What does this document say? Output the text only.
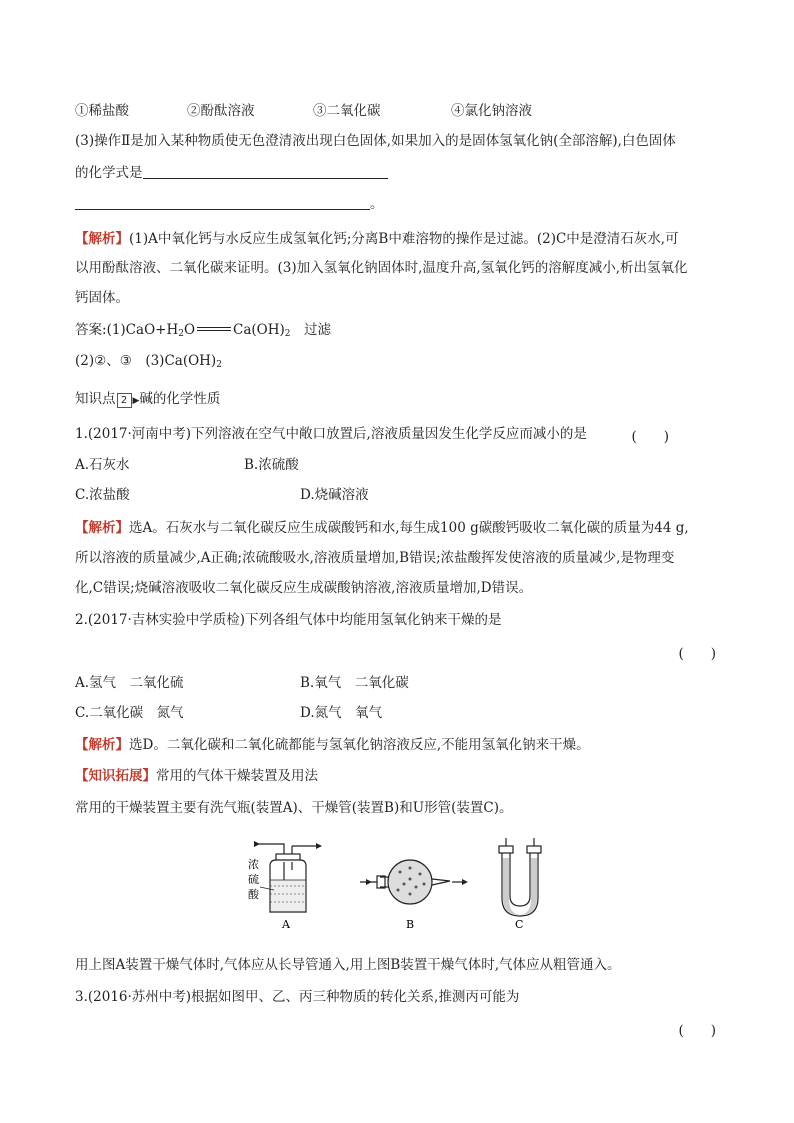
①稀盐酸	②酚酞溶液	③二氧化碳	④氯化钠溶液
(3)操作Ⅱ是加入某种物质使无色澄清液出现白色固体,如果加入的是固体氢氧化钠(全部溶解),白色固体
的化学式是
。
【解析】(1)A中氧化钙与水反应生成氢氧化钙;分离B中难溶物的操作是过滤。(2)C中是澄清石灰水,可
以用酚酞溶液、二氧化碳来证明。(3)加入氢氧化钠固体时,温度升高,氢氧化钙的溶解度减小,析出氢氧化
钙固体。
答案$:(1)CaO+H_2O$	$Ca(OH)_2$　 过滤
(2)②、③　 $(3)Ca(OH)_2$
知识点 2 ▶碱的化学性质
1.(2017·河南中考)下列溶液在空气中敞口放置后,溶液质量因发生化学反应而减小的是	(　　)
A.石灰水	B.浓硫酸
C.浓盐酸	D.烧碱溶液
【解析】选A。石灰水与二氧化碳反应生成碳酸钙和水,每生成100 g碳酸钙吸收二氧化碳的质量为44 g,
所以溶液的质量减少,A正确;浓硫酸吸水,溶液质量增加,B错误;浓盐酸挥发使溶液的质量减少,是物理变
化,C错误;烧碱溶液吸收二氧化碳反应生成碳酸钠溶液,溶液质量增加,D错误。
2.(2017·吉林实验中学质检)下列各组气体中均能用氢氧化钠来干燥的是
(　　)
A.氢气　二氧化硫	B.氧气　二氧化碳
C.二氧化碳　氮气	D.氮气　氧气
【解析】选D。二氧化碳和二氧化硫都能与氢氧化钠溶液反应,不能用氢氧化钠来干燥。
【知识拓展】常用的气体干燥装置及用法
常用的干燥装置主要有洗气瓶(装置A)、干燥管(装置B)和U形管(装置C)。
浓
硫
酸
A	B	C
用上图A装置干燥气体时,气体应从长导管通入,用上图B装置干燥气体时,气体应从粗管通入。
3.(2016·苏州中考)根据如图甲、乙、丙三种物质的转化关系,推测丙可能为
(　　)
